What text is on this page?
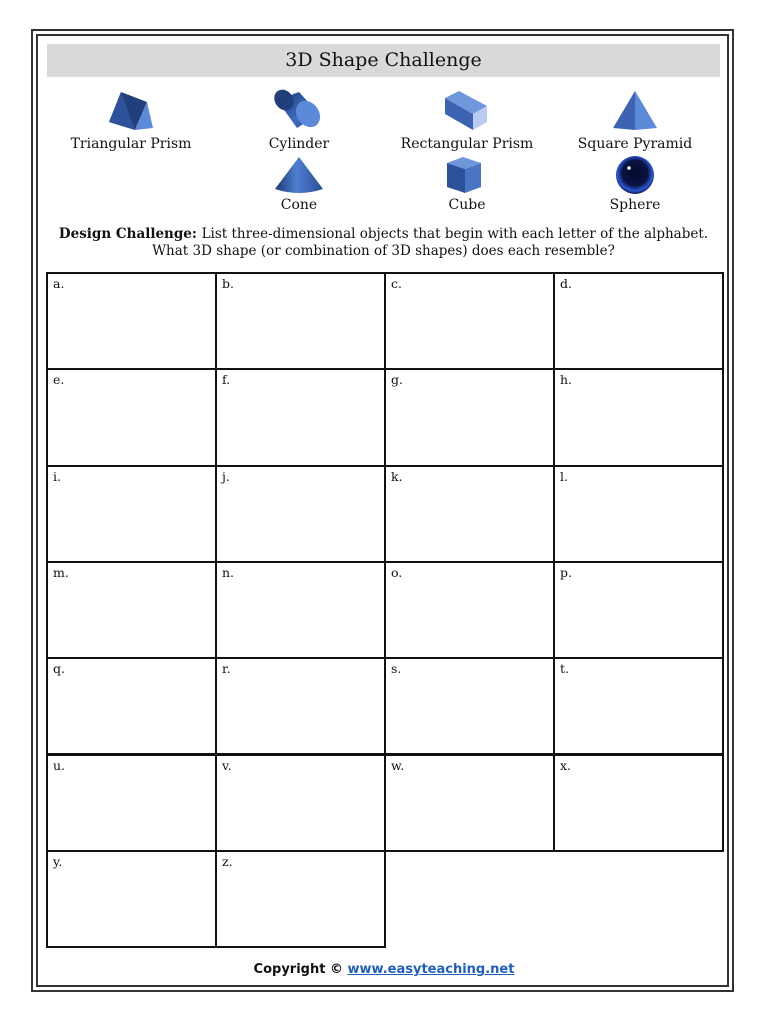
3D Shape Challenge
Triangular Prism	Cylinder	Rectangular Prism	Square Pyramid
Cone	Cube	Sphere
Design Challenge: List three-dimensional objects that begin with each letter of the alphabet.
What 3D shape (or combination of 3D shapes) does each resemble?
a.	b.	c.	d.
e.	f.	g.	h.
i.	j.	k.	l.
m.	n.	o.	p.
q.	r.	s.	t.
u.	v.	w.	x.
y.	z.
Copyright © www.easyteaching.net
